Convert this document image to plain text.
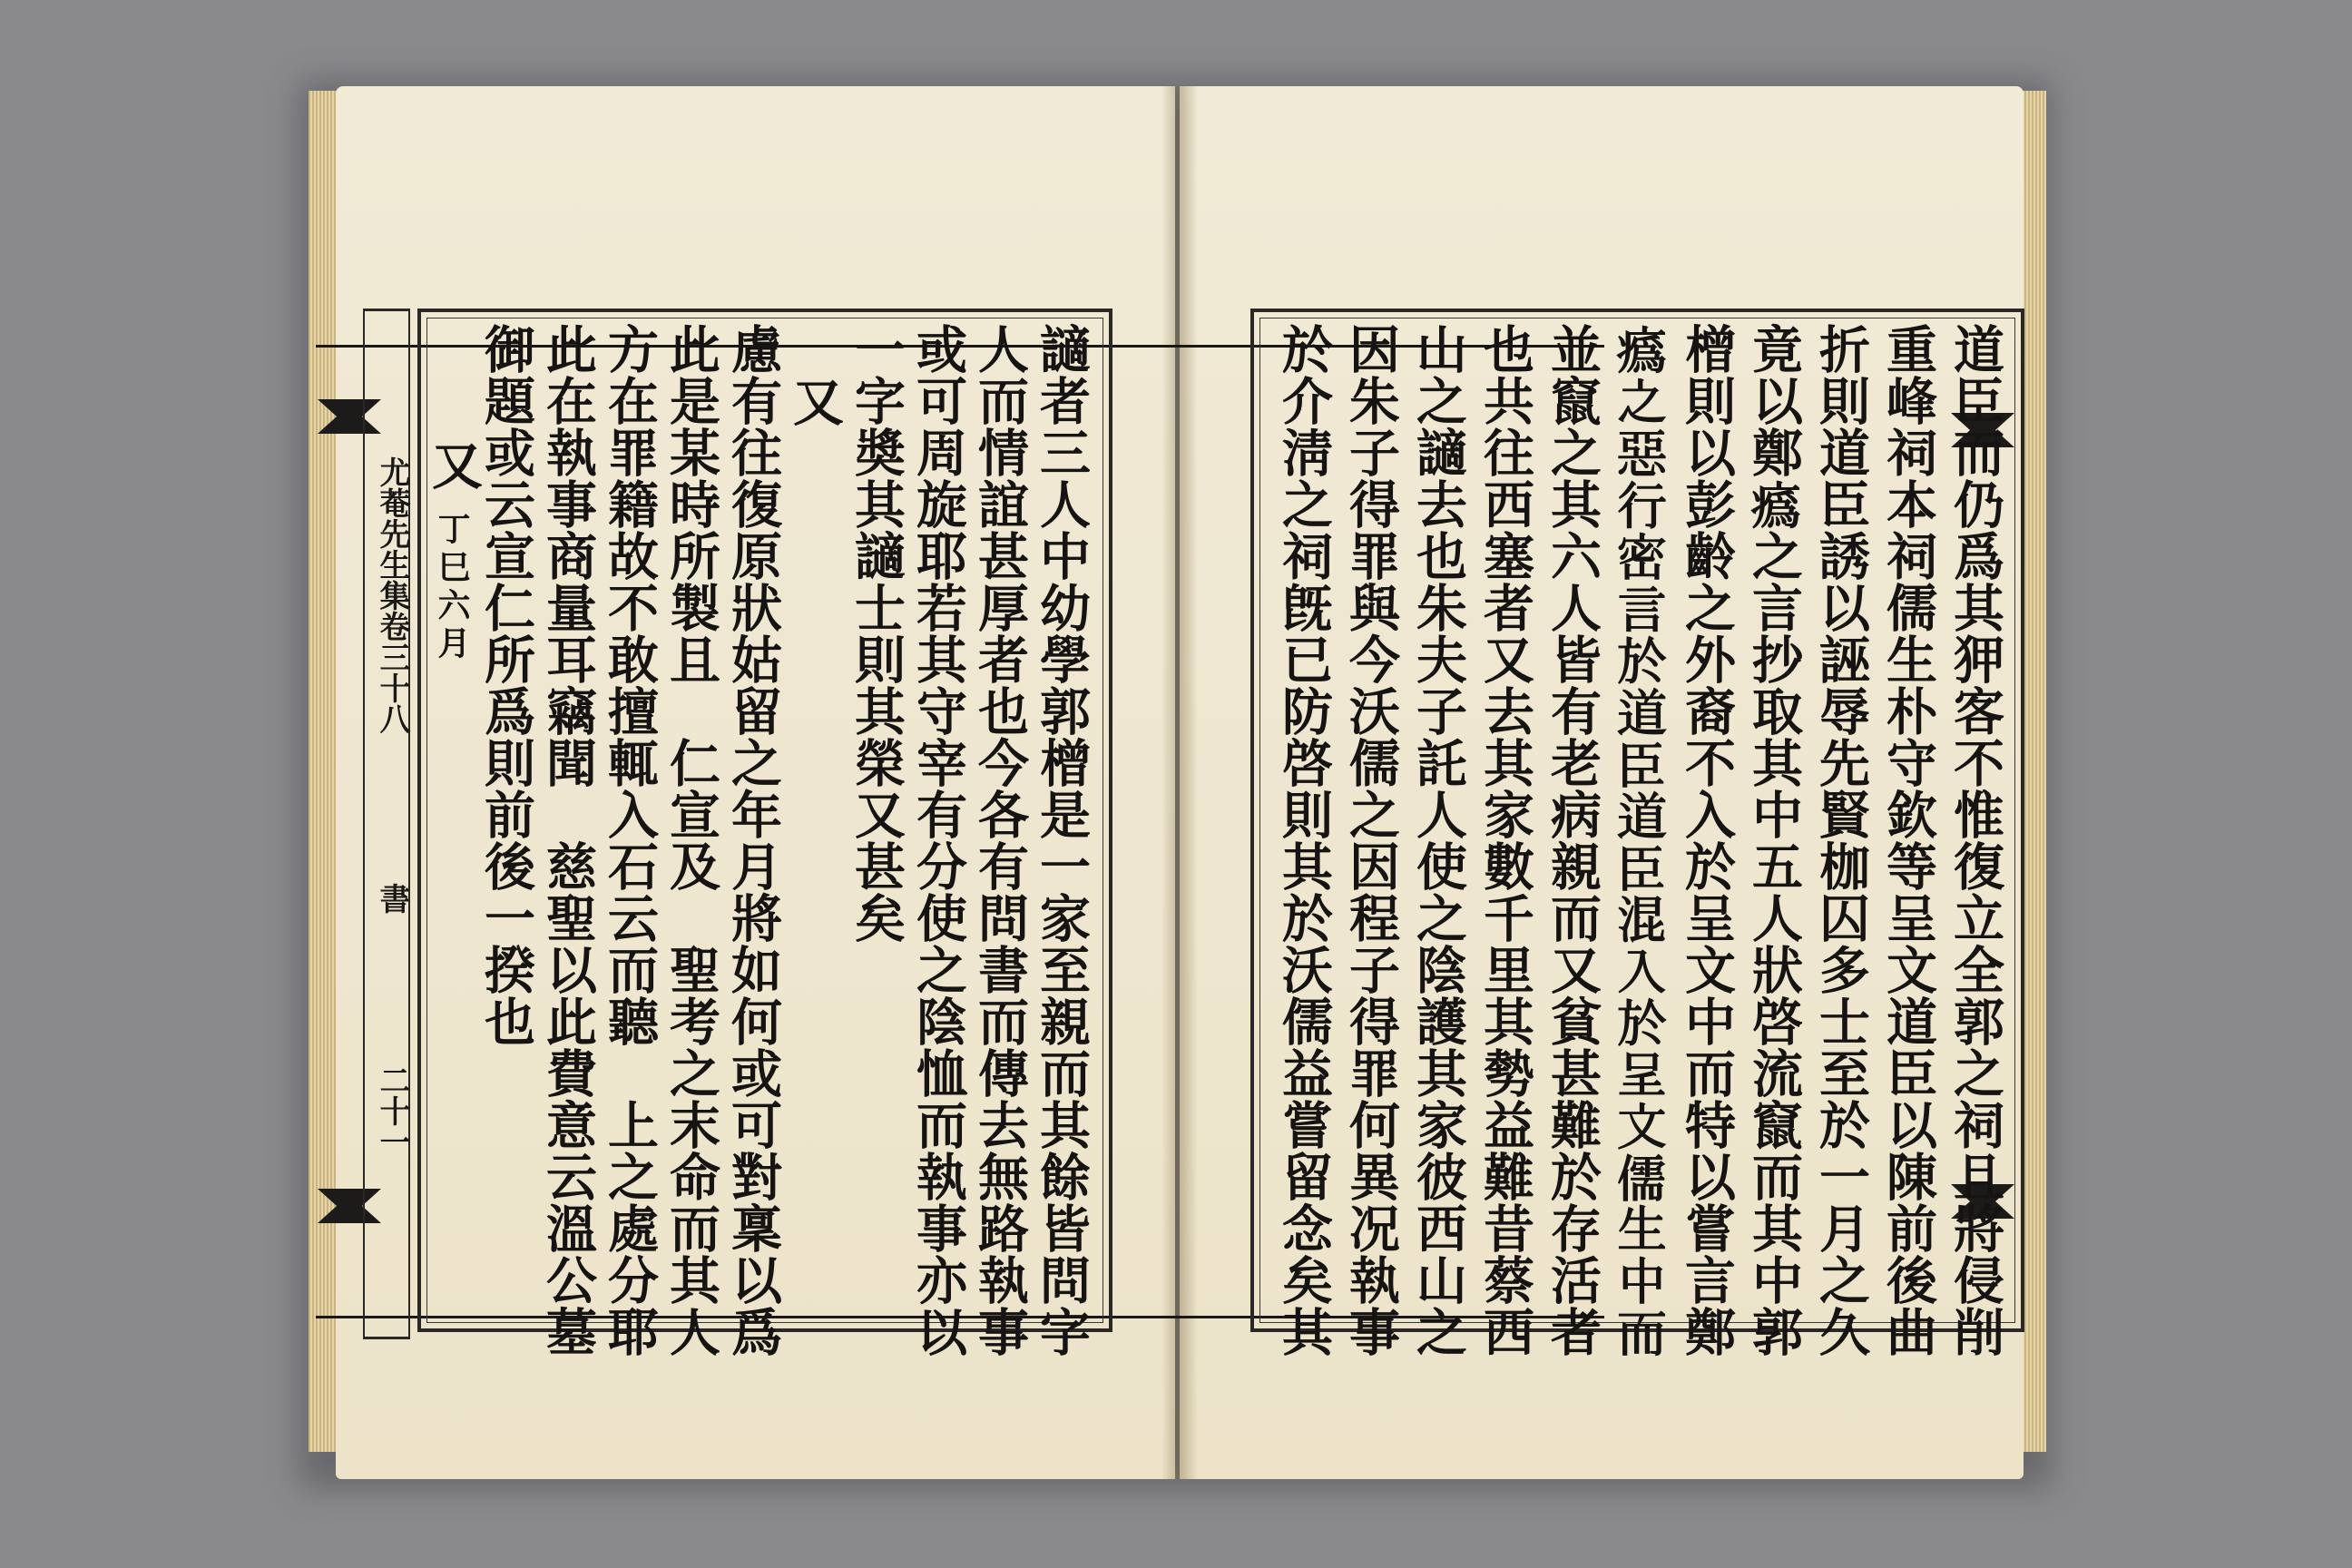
尤菴先生集卷三十八
書
二十一	讁者三人中幼學郭橧是一家至親而其餘皆問字
人而情誼甚厚者也今各有問書而傳去無路執事
或可周旋耶若其守宰有分使之陰恤而執事亦以
一字奬其讁士則其榮又甚矣
又
慮有往復原狀姑留之年月將如何或可對稟以爲
此是某時所製且　仁宣及　聖考之末命而其人
方在罪籍故不敢擅輒入石云而聽　上之處分耶
此在執事商量耳竊聞　慈聖以此費意云溫公墓
御題或云宣仁所爲則前後一揆也
又
丁巳六月	道臣而仍爲其狎客不惟復立全郭之祠且將侵削
重峰祠本祠儒生朴守欽等呈文道臣以陳前後曲
折則道臣誘以誣辱先賢枷囚多士至於一月之久
竟以鄭𤺉之言抄取其中五人狀啓流竄而其中郭
橧則以彭齡之外裔不入於呈文中而特以嘗言鄭
𤺉之惡行密言於道臣道臣混入於呈文儒生中而
並竄之其六人皆有老病親而又貧甚難於存活者
也共往西塞者又去其家數千里其勢益難昔蔡西
山之讁去也朱夫子託人使之陰護其家彼西山之
因朱子得罪與今沃儒之因程子得罪何異况執事
於介淸之祠旣已防啓則其於沃儒益嘗留念矣其
